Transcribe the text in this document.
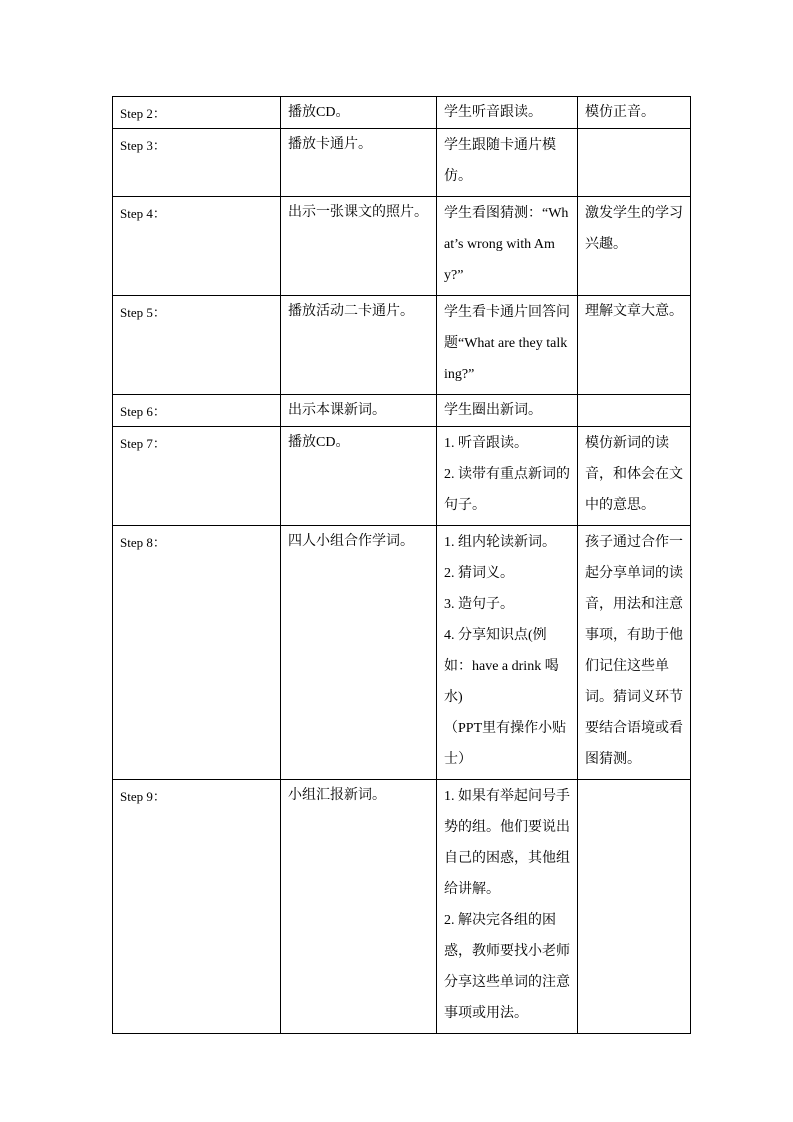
Step 2：	播放CD。	学生听音跟读。	模仿正音。
Step 3：	播放卡通片。	学生跟随卡通片模仿。	

Step 4：	出示一张课文的照片。	学生看图猜测：“What’s wrong with Amy?”	激发学生的学习兴趣。
Step 5：	播放活动二卡通片。	学生看卡通片回答问题“What are they talking?”	理解文章大意。
Step 6：	出示本课新词。	学生圈出新词。	

Step 7：	播放CD。	1. 听音跟读。
2. 读带有重点新词的句子。	模仿新词的读音，和体会在文中的意思。
Step 8：	四人小组合作学词。	1. 组内轮读新词。
2. 猜词义。
3. 造句子。
4. 分享知识点(例如：have a drink 喝水)
（PPT里有操作小贴士）	孩子通过合作一起分享单词的读音，用法和注意事项，有助于他们记住这些单词。猜词义环节要结合语境或看图猜测。
Step 9：	小组汇报新词。	1. 如果有举起问号手势的组。他们要说出自己的困惑，其他组给讲解。
2. 解决完各组的困惑，教师要找小老师分享这些单词的注意事项或用法。	
